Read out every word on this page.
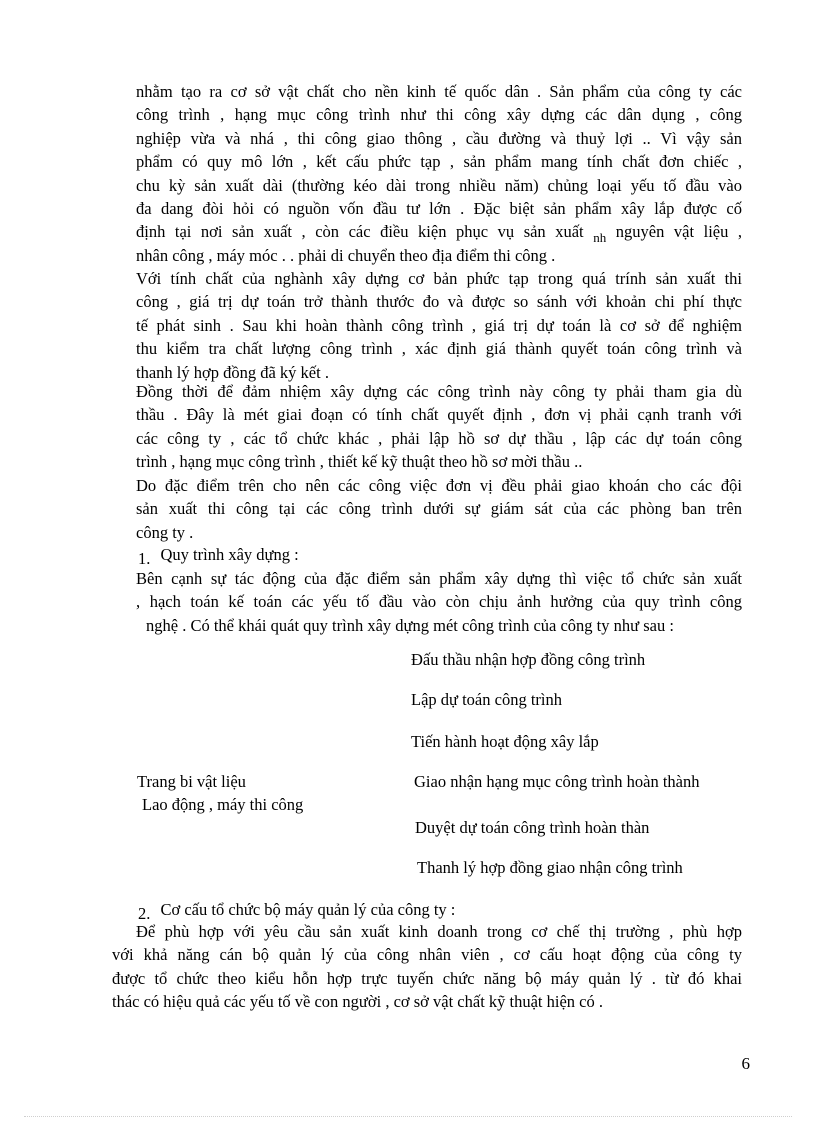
nhằm tạo ra cơ sở vật chất cho nền kinh tế quốc dân . Sản phẩm của công ty các
công trình , hạng mục công trình như thi công xây dựng các dân dụng , công
nghiệp vừa và nhá , thi công giao thông , cầu đường và thuỷ lợi .. Vì vậy sản
phẩm có quy mô lớn , kết cấu phức tạp , sản phẩm mang tính chất đơn chiếc ,
chu kỳ sản xuất dài (thường kéo dài trong nhiều năm) chủng loại yếu tố đầu vào
đa dang đòi hỏi có nguồn vốn đầu tư lớn . Đặc biệt sản phẩm xây lắp được cố
định tại nơi sản xuất , còn các điều kiện phục vụ sản xuất $_{nh}$ nguyên vật liệu ,
nhân công , máy móc . . phải di chuyển theo địa điểm thi công .
Với tính chất của nghành xây dựng cơ bản phức tạp trong quá trính sản xuất thi
công , giá trị dự toán trở thành thước đo và được so sánh với khoản chi phí thực
tế phát sinh . Sau khi hoàn thành công trình , giá trị dự toán là cơ sở để nghiệm
thu kiểm tra chất lượng công trình , xác định giá thành quyết toán công trình và
thanh lý hợp đồng đã ký kết .
Đồng thời để đảm nhiệm xây dựng các công trình này công ty phải tham gia dù
thầu . Đây là mét giai đoạn có tính chất quyết định , đơn vị phải cạnh tranh với
các công ty , các tổ chức khác , phải lập hồ sơ dự thầu , lập các dự toán công
trình , hạng mục công trình , thiết kế kỹ thuật theo hồ sơ mời thầu ..
Do đặc điểm trên cho nên các công việc đơn vị đều phải giao khoán cho các đội
sản xuất thi công tại các công trình dưới sự giám sát của các phòng ban trên
công ty .
1. Quy trình xây dựng :
Bên cạnh sự tác động của đặc điểm sản phẩm xây dựng thì việc tổ chức sản xuất
, hạch toán kế toán các yếu tố đầu vào còn chịu ảnh hưởng của quy trình công
nghệ . Có thể khái quát quy trình xây dựng mét công trình của công ty như sau :
Đấu thầu nhận hợp đồng công trình
Lập dự toán công trình
Tiến hành hoạt động xây lắp
Giao nhận hạng mục công trình hoàn thành
Duyệt dự toán công trình hoàn thàn
Thanh lý hợp đồng giao nhận công trình
Trang bi vật liệu
Lao động , máy thi công
2. Cơ cấu tổ chức bộ máy quản lý của công ty :
Để phù hợp với yêu cầu sản xuất kinh doanh trong cơ chế thị trường , phù hợp
với khả năng cán bộ quản lý của công nhân viên , cơ cấu hoạt động của công ty
được tổ chức theo kiểu hỗn hợp trực tuyến chức năng bộ máy quản lý . từ đó khai
thác có hiệu quả các yếu tố về con người , cơ sở vật chất kỹ thuật hiện có .
6
